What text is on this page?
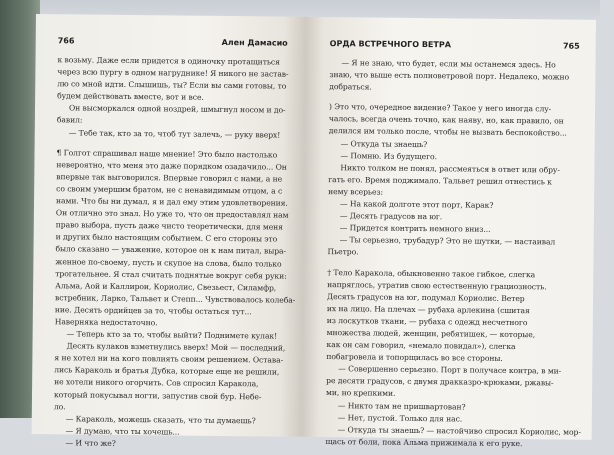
766	Ален Дамасио
к возьму. Даже если придется в одиночку протащиться
через всю пургу в одном нагруднике! Я никого не застав-
лю со мной идти. Слышишь, ты? Если вы сами готовы, то
будем действовать вместе, вот и все.
Он высморкался одной ноздрей, шмыгнул носом и до-
бавил:
— Тебе так, кто за то, чтоб тут залечь, — руку вверх!
¶ Голгот спрашивал наше мнение! Это было настолько
невероятно, что меня это даже порядком озадачило... Он
впервые так выговорился. Впервые говорил с нами, а не
со своим умершим братом, не с ненавидимым отцом, а с
нами. Что бы ни думал, я и дал ему этим удовлетворения.
Он отлично это знал. Но уже то, что он предоставлял нам
право выбора, пусть даже чисто теоретически, для меня
и других было настоящим событием. С его стороны это
было сказано — уважение, которое он к нам питал, выра-
женное по-своему, пусть и скупое на слова, было только
трогательнее. Я стал считать поднятые вокруг себя руки:
Альма, Аой и Каллирои, Кориолис, Свезьест, Силамфр,
встребник, Ларко, Тальвет и Степп... Чувствовалось колеба-
ние. Десять ордийцев за то, чтобы остаться тут...
Наверняка недостаточно.
— Теперь кто за то, чтобы выйти? Поднимете кулак!
Десять кулаков взметнулись вверх! Мой — последний,
я не хотел ни на кого повлиять своим решением. Остава-
лись Караколь и братья Дубка, которые еще не решили,
не хотели никого огорчить. Сов спросил Каракола,
который покусывал ногти, запустив свой бур. Небе-
ло.
— Караколь, можешь сказать, что ты думаешь?
— Я думаю, что ты хочешь...
— И что же?
ОРДА ВСТРЕЧНОГО ВЕТРА	765
— Я не знаю, что будет, если мы останемся здесь. Но
знаю, что выше есть полноветровой порт. Недалеко, можно
добраться.
) Это что, очередное видение? Такое у него иногда слу-
чалось, всегда очень точно, как наяву, но, как правило, он
делился им только после, чтобы не вызвать беспокойство...
— Откуда ты знаешь?
— Помню. Из будущего.
Никто толком не понял, рассмеяться в ответ или обру-
гать его. Время поджимало. Тальвет решил отнестись к
нему всерьез:
— На какой долготе этот порт, Карак?
— Десять градусов на юг.
— Придется контрить немного вниз...
— Ты серьезно, трубадур? Это не шутки, — настаивал
Пьетро.
† Тело Каракола, обыкновенно такое гибкое, слегка
напряглось, утратив свою естественную грациозность.
Десять градусов на юг, подумал Кориолис. Ветер
их на лицо. На плечах — рубаха арлекина (сшитая
из лоскутков ткани, — рубаха с одежд несчетного
множества людей, женщин, ребятишек, — которые,
как он сам говорил, «немало повидал»), слегка
побагровела и топорщилась во все стороны.
— Совершенно серьезно. Порт в получасе контра, в ми-
ре десяти градусов, с двумя дракказро-крюками, ржавы-
ми, но крепкими.
— Никто там не пришвартован?
— Нет, пустой. Только для нас.
— Откуда ты знаешь? — настойчиво спросил Кориолис, мор-
щась от боли, пока Альма прижимала к его руке.
